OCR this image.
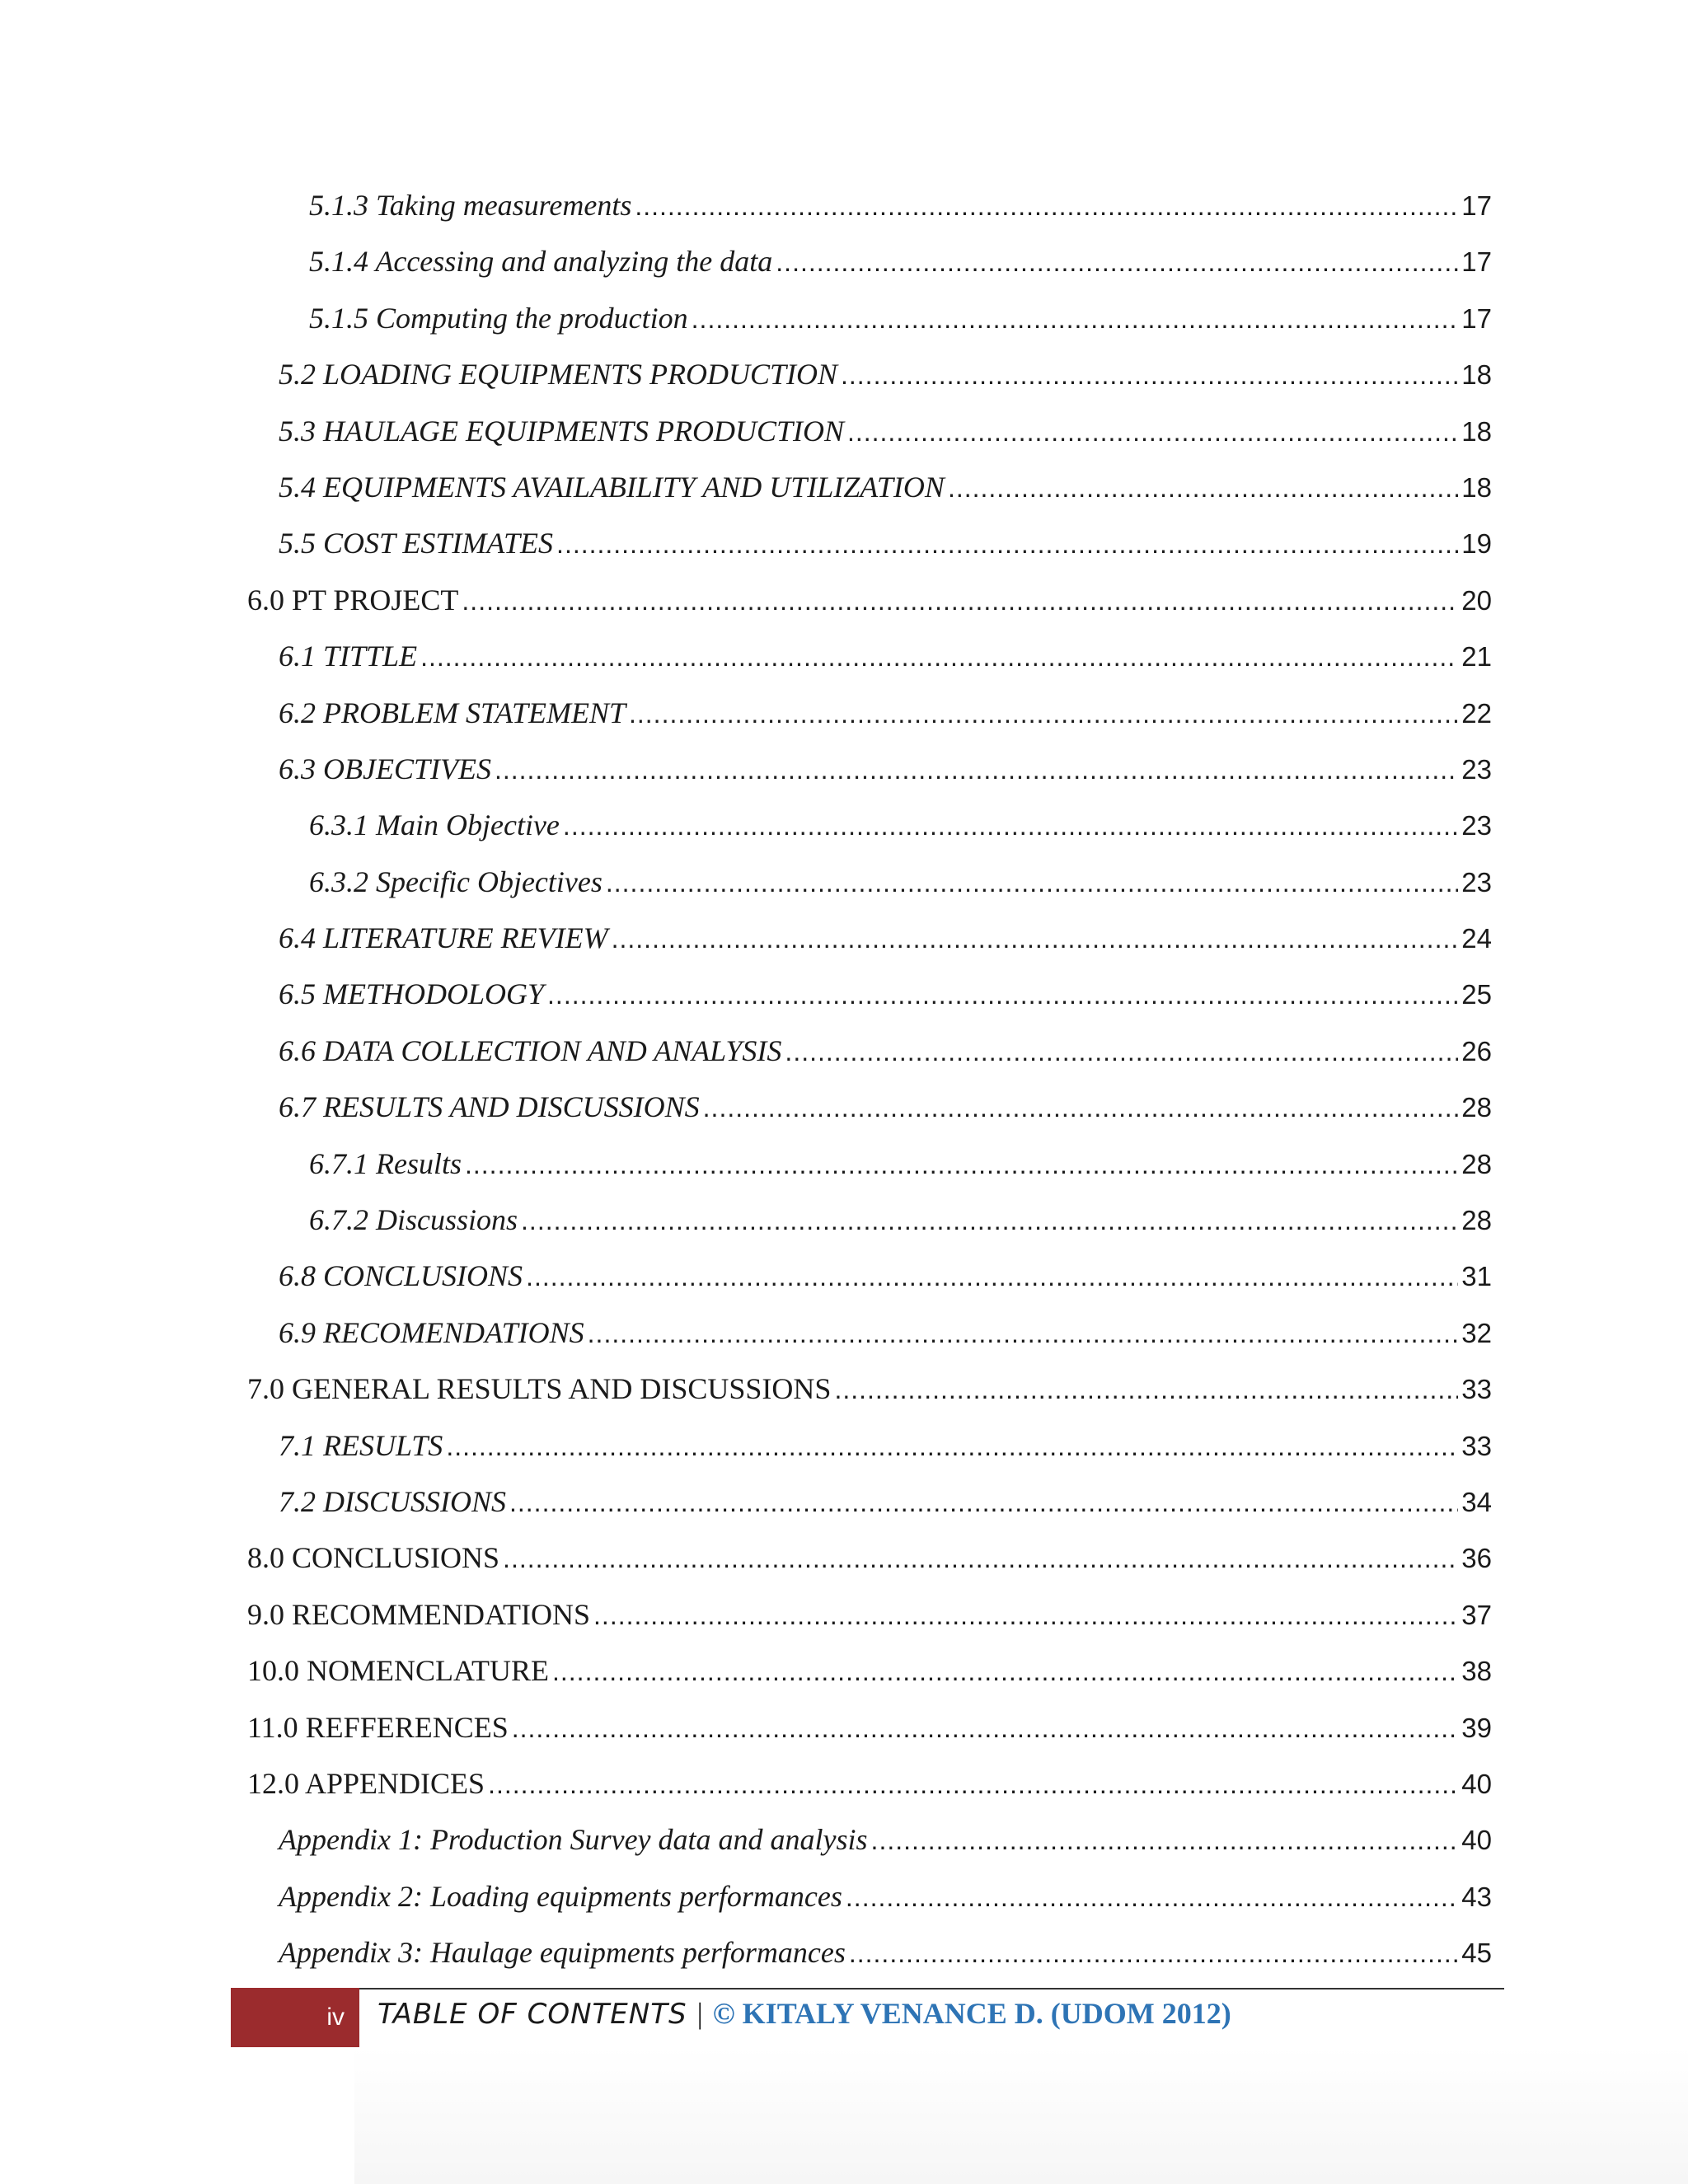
5.1.3 Taking measurements .....	17
5.1.4 Accessing and analyzing the data .....	17
5.1.5 Computing the production .....	17
5.2 LOADING EQUIPMENTS PRODUCTION .....	18
5.3 HAULAGE EQUIPMENTS PRODUCTION .....	18
5.4 EQUIPMENTS AVAILABILITY AND UTILIZATION .....	18
5.5 COST ESTIMATES .....	19
6.0 PT PROJECT .....	20
6.1 TITTLE .....	21
6.2 PROBLEM STATEMENT .....	22
6.3 OBJECTIVES .....	23
6.3.1 Main Objective .....	23
6.3.2 Specific Objectives .....	23
6.4 LITERATURE REVIEW .....	24
6.5 METHODOLOGY .....	25
6.6 DATA COLLECTION AND ANALYSIS .....	26
6.7 RESULTS AND DISCUSSIONS .....	28
6.7.1 Results .....	28
6.7.2 Discussions .....	28
6.8 CONCLUSIONS .....	31
6.9 RECOMENDATIONS .....	32
7.0 GENERAL RESULTS AND DISCUSSIONS .....	33
7.1 RESULTS .....	33
7.2 DISCUSSIONS .....	34
8.0 CONCLUSIONS .....	36
9.0 RECOMMENDATIONS .....	37
10.0 NOMENCLATURE .....	38
11.0 REFFERENCES .....	39
12.0 APPENDICES .....	40
Appendix 1: Production Survey data and analysis .....	40
Appendix 2: Loading equipments performances .....	43
Appendix 3: Haulage equipments performances .....	45
iv	TABLE OF CONTENTS | © KITALY VENANCE D. (UDOM 2012)
